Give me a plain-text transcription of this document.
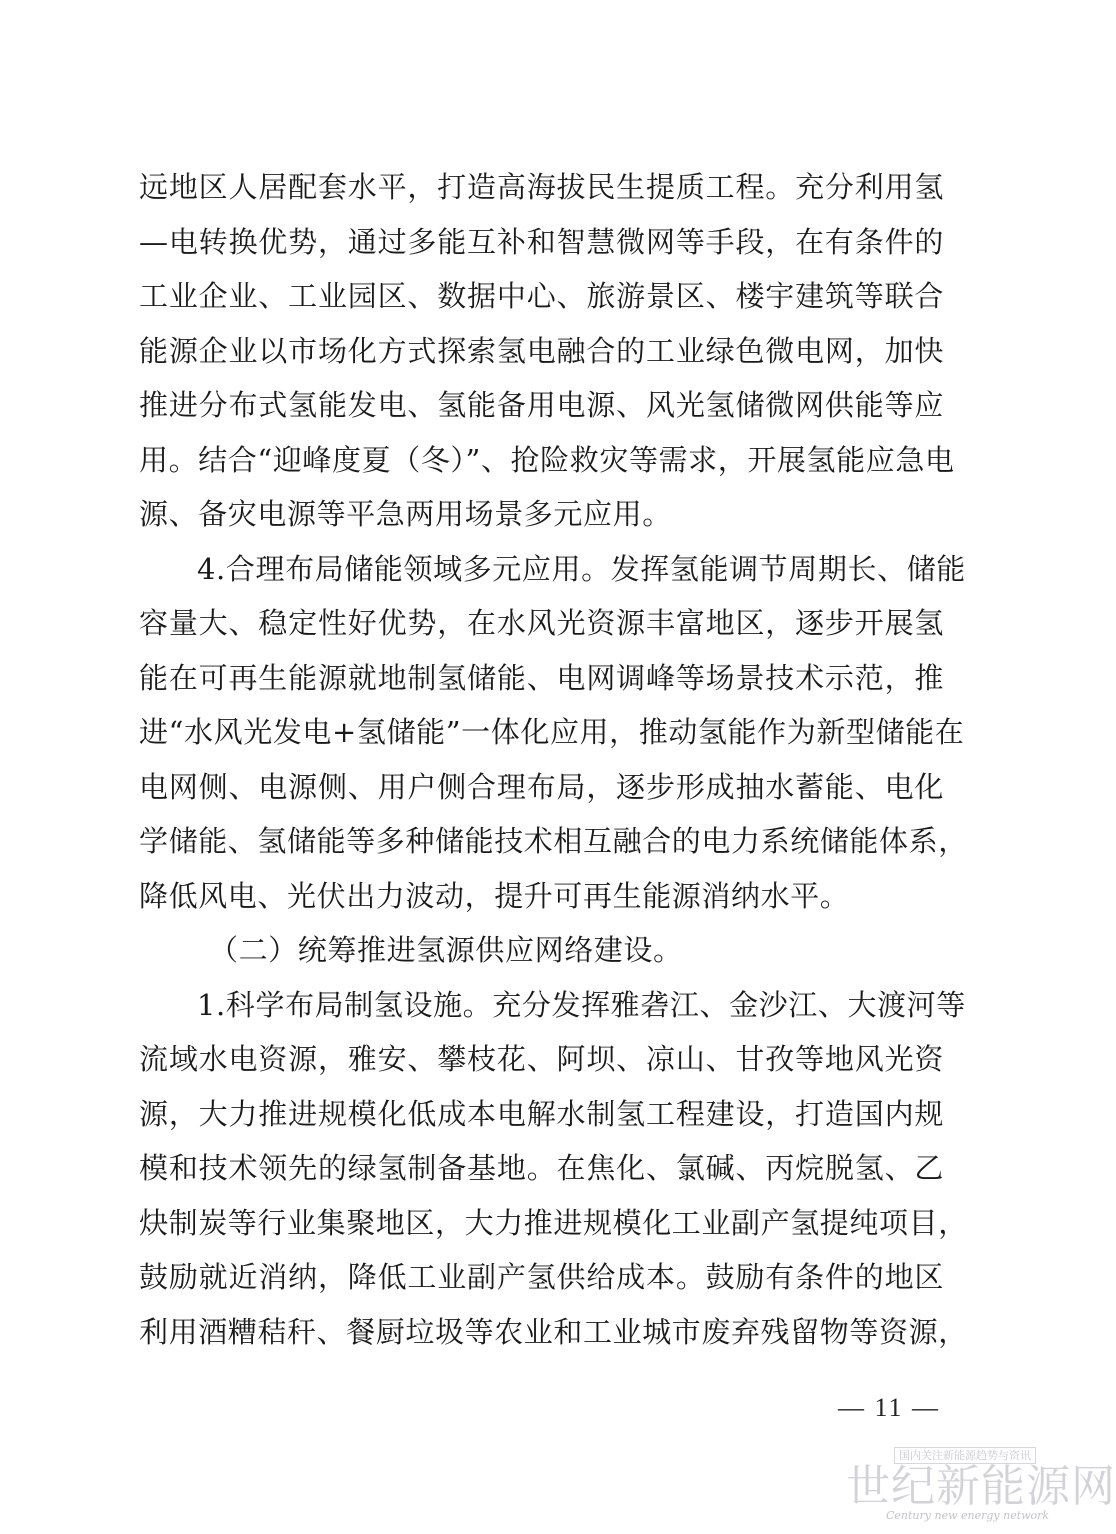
远地区人居配套水平，打造高海拔民生提质工程。充分利用氢
—电转换优势，通过多能互补和智慧微网等手段，在有条件的
工业企业、工业园区、数据中心、旅游景区、楼宇建筑等联合
能源企业以市场化方式探索氢电融合的工业绿色微电网，加快
推进分布式氢能发电、氢能备用电源、风光氢储微网供能等应
用。结合“迎峰度夏（冬）”、抢险救灾等需求，开展氢能应急电
源、备灾电源等平急两用场景多元应用。
4.合理布局储能领域多元应用。发挥氢能调节周期长、储能
容量大、稳定性好优势，在水风光资源丰富地区，逐步开展氢
能在可再生能源就地制氢储能、电网调峰等场景技术示范，推
进“水风光发电+氢储能”一体化应用，推动氢能作为新型储能在
电网侧、电源侧、用户侧合理布局，逐步形成抽水蓄能、电化
学储能、氢储能等多种储能技术相互融合的电力系统储能体系，
降低风电、光伏出力波动，提升可再生能源消纳水平。
（二）统筹推进氢源供应网络建设。
1.科学布局制氢设施。充分发挥雅砻江、金沙江、大渡河等
流域水电资源，雅安、攀枝花、阿坝、凉山、甘孜等地风光资
源，大力推进规模化低成本电解水制氢工程建设，打造国内规
模和技术领先的绿氢制备基地。在焦化、氯碱、丙烷脱氢、乙
炔制炭等行业集聚地区，大力推进规模化工业副产氢提纯项目，
鼓励就近消纳，降低工业副产氢供给成本。鼓励有条件的地区
利用酒糟秸秆、餐厨垃圾等农业和工业城市废弃残留物等资源，
— 11 —
国内关注新能源趋势与资讯
世纪新能源网
Century new energy network
